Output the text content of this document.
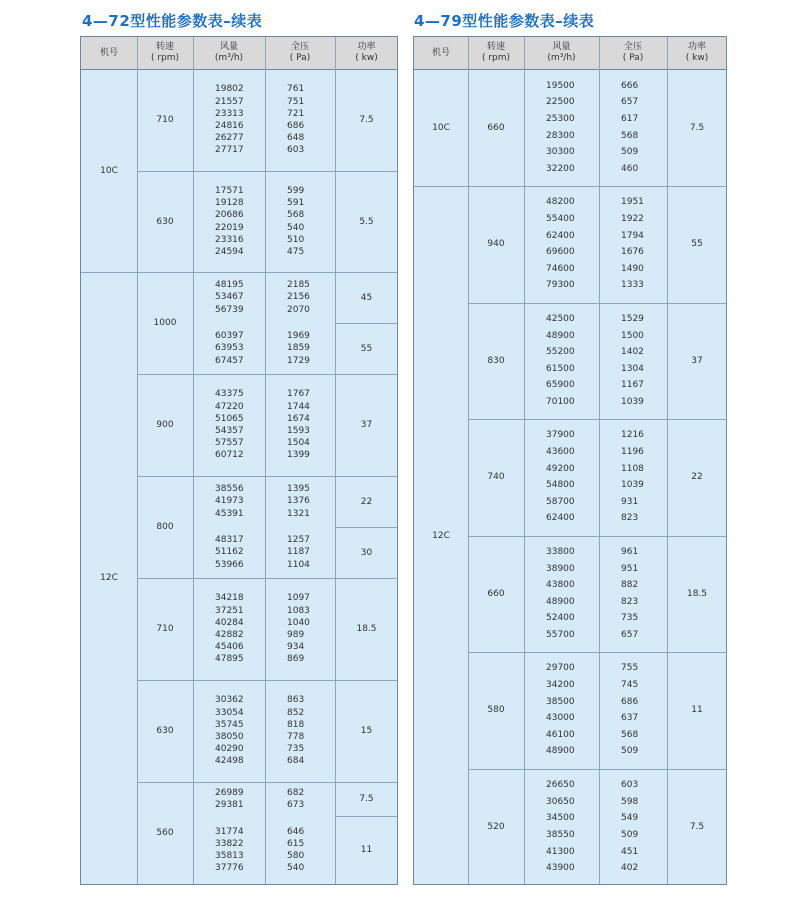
4—72型性能参数表–续表	4—79型性能参数表–续表
机号
转速
( rpm)
风量
(m³/h)
全压
( Pa)
功率
( kw)
710
19802
21557
23313
24816
26277
27717
761
751
721
686
648
603
7.5
630
17571
19128
20686
22019
23316
24594
599
591
568
540
510
475
5.5
10C
1000
48195
53467
56739
2185
2156
2070
45
60397
63953
67457
1969
1859
1729
55
900
43375
47220
51065
54357
57557
60712
1767
1744
1674
1593
1504
1399
37
800
38556
41973
45391
1395
1376
1321
22
48317
51162
53966
1257
1187
1104
30
710
34218
37251
40284
42882
45406
47895
1097
1083
1040
989
934
869
18.5
630
30362
33054
35745
38050
40290
42498
863
852
818
778
735
684
15
560
26989
29381
682
673
7.5
31774
33822
35813
37776
646
615
580
540
11
12C
机号
转速
( rpm)
风量
(m³/h)
全压
( Pa)
功率
( kw)
660
19500
22500
25300
28300
30300
32200
666
657
617
568
509
460
7.5
10C
940
48200
55400
62400
69600
74600
79300
1951
1922
1794
1676
1490
1333
55
830
42500
48900
55200
61500
65900
70100
1529
1500
1402
1304
1167
1039
37
740
37900
43600
49200
54800
58700
62400
1216
1196
1108
1039
931
823
22
660
33800
38900
43800
48900
52400
55700
961
951
882
823
735
657
18.5
580
29700
34200
38500
43000
46100
48900
755
745
686
637
568
509
11
520
26650
30650
34500
38550
41300
43900
603
598
549
509
451
402
7.5
12C
